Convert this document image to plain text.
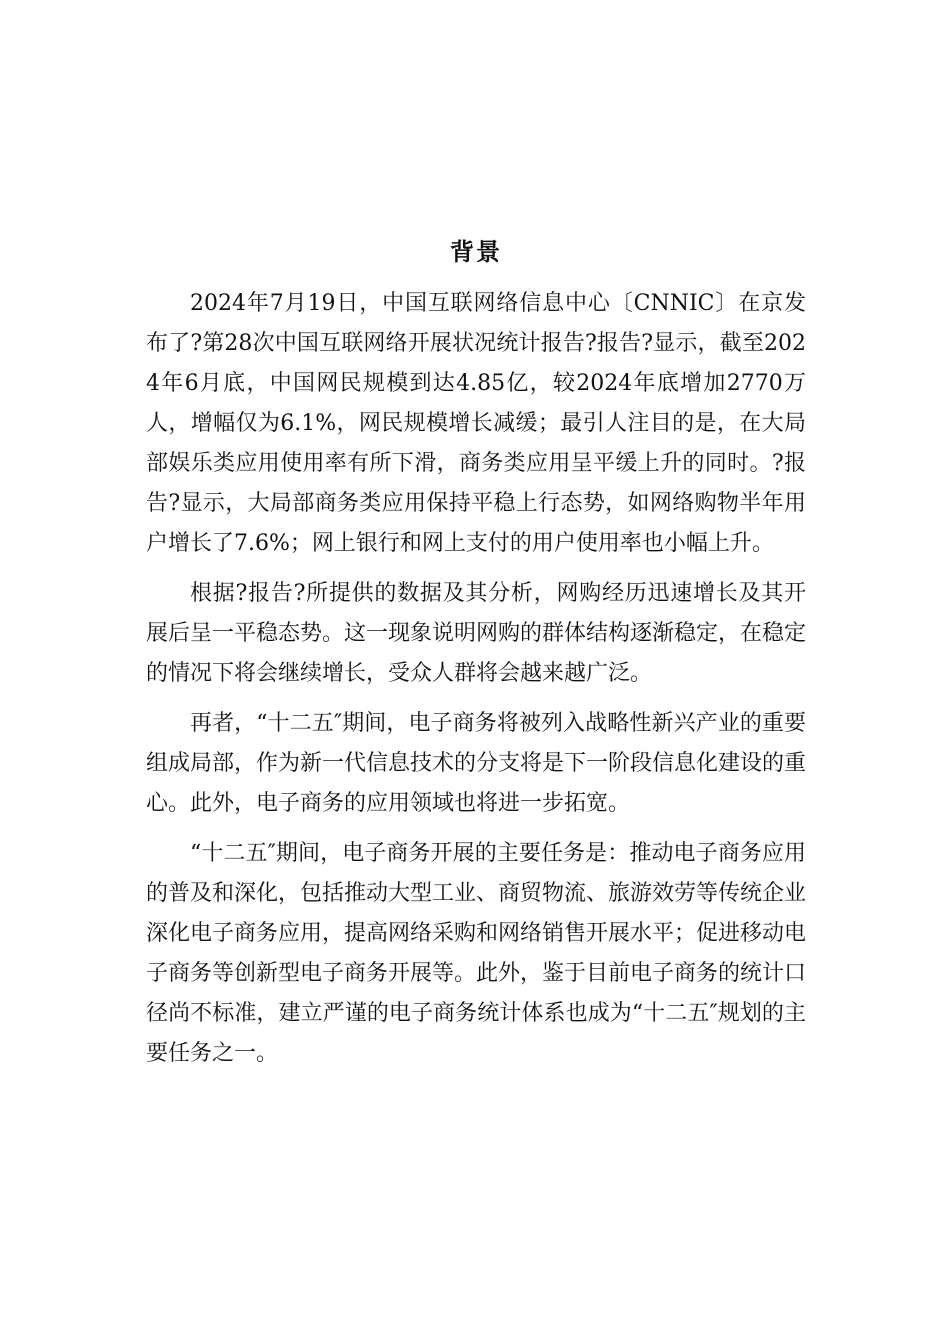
背景

2024年7月19日，中国互联网络信息中心〔CNNIC〕在京发布了?第28次中国互联网络开展状况统计报告?报告?显示，截至2024年6月底，中国网民规模到达4.85亿，较2024年底增加2770万人，增幅仅为6.1%，网民规模增长减缓；最引人注目的是，在大局部娱乐类应用使用率有所下滑，商务类应用呈平缓上升的同时。?报告?显示，大局部商务类应用保持平稳上行态势，如网络购物半年用户增长了7.6%；网上银行和网上支付的用户使用率也小幅上升。

根据?报告?所提供的数据及其分析，网购经历迅速增长及其开展后呈一平稳态势。这一现象说明网购的群体结构逐渐稳定，在稳定的情况下将会继续增长，受众人群将会越来越广泛。

再者，“十二五″期间，电子商务将被列入战略性新兴产业的重要组成局部，作为新一代信息技术的分支将是下一阶段信息化建设的重心。此外，电子商务的应用领域也将进一步拓宽。

“十二五″期间，电子商务开展的主要任务是：推动电子商务应用的普及和深化，包括推动大型工业、商贸物流、旅游效劳等传统企业深化电子商务应用，提高网络采购和网络销售开展水平；促进移动电子商务等创新型电子商务开展等。此外，鉴于目前电子商务的统计口径尚不标准，建立严谨的电子商务统计体系也成为“十二五″规划的主要任务之一。
